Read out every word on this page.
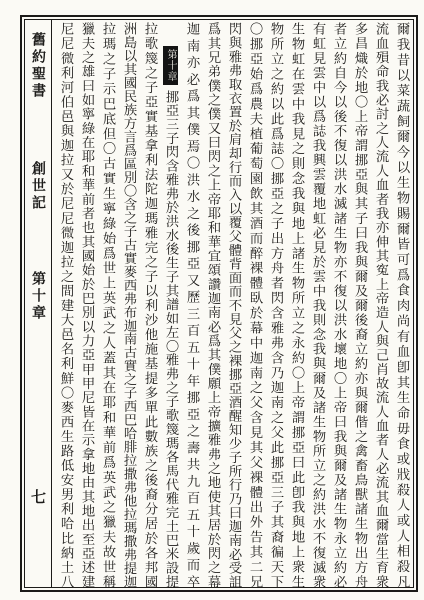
舊約聖書
創世記
第十章
七	爾我昔以菜蔬飼爾今以生物賜爾皆可爲食肉尚有血卽其生命毋食或戕殺人或人相殺凡
流血殞命我必討之人流人血者我亦伸其寃上帝造人與己肖故流人血者人必流其血爾當生育衆
多昌熾於地〇上帝謂挪亞與其子曰我與爾及爾後裔立約亦與爾偕之禽畜鳥獸諸生物出方舟
者立約自今以後不復以洪水滅諸生物亦不復以洪水壞地〇上帝曰我與爾及諸生物永立約必
有虹見雲中以爲誌我興雲覆地虹必見於雲中我則念我與爾及諸生物所立之約洪水不復滅衆
生物虹在雲中我見之則念我與地上諸生物所立之永約〇上帝謂挪亞曰此卽我與地上衆生
物所立之約以此爲誌〇挪亞之子出方舟者閃含雅弗含乃迦南之父此挪亞三子其裔徧天下
〇挪亞始爲農夫植葡萄園飲其酒而醉裸體臥於幕中迦南之父含見其父裸體出外告其二兄
閃與雅弗取衣置於肩却行而入以覆父體背面而不見父之裸挪亞酒醒知少子所行乃曰迦南必受詛
爲其兄弟僕之僕又曰閃之上帝耶和華宜頌讚迦南必爲其僕願上帝擴雅弗之地使其居於閃之幕
迦南亦必爲其僕焉〇洪水之後挪亞又歷三百五十年挪亞之壽共九百五十歲而卒
第十章挪亞三子閃含雅弗於洪水後生子其譜如左〇雅弗之子歌篾瑪各馬代雅完土巴米設提
拉歌篾之子亞實基拿利法陀迦瑪雅完之子以利沙他施基提多單此數族之後裔分居於各邦國
洲島以其國民族方言爲區別〇含之子古實麥西弗布迦南古實之子西巴哈腓拉撒弗他拉瑪撒弗提迦
拉瑪之子示巴底但〇古實生寧綠始爲世上英武之人蓋其在耶和華前爲英武之獵夫故世稱
獵夫之雄曰如寧綠在耶和華前者也其國始於巴別以力亞甲甲尼皆在示拿地由其地出至亞述建
尼尼微利河伯邑與迦拉又於尼尼微迦拉之間建大邑名利鮮〇麥西生路低安男利哈比納土八
